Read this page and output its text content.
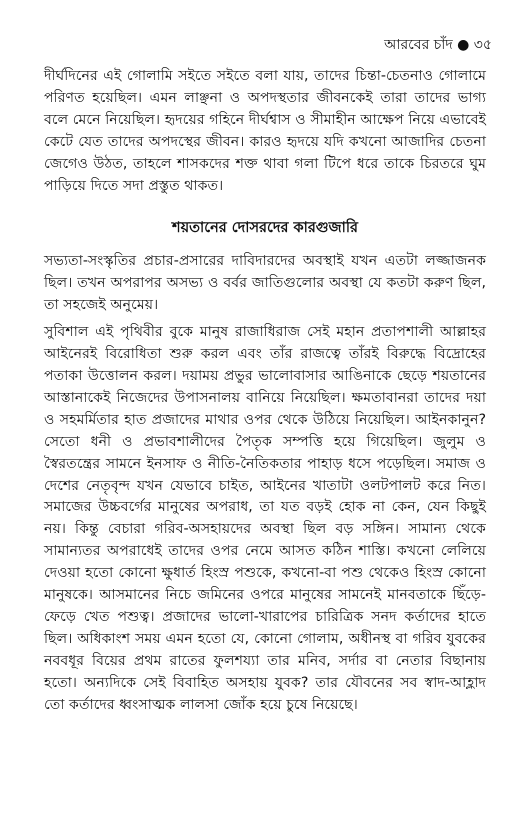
আরবের চাঁদ ● ৩৫

দীর্ঘদিনের এই গোলামি সইতে সইতে বলা যায়, তাদের চিন্তা-চেতনাও গোলামে পরিণত হয়েছিল। এমন লাঞ্ছনা ও অপদস্থতার জীবনকেই তারা তাদের ভাগ্য বলে মেনে নিয়েছিল। হৃদয়ের গহিনে দীর্ঘশ্বাস ও সীমাহীন আক্ষেপ নিয়ে এভাবেই কেটে যেত তাদের অপদস্থের জীবন। কারও হৃদয়ে যদি কখনো আজাদির চেতনা জেগেও উঠত, তাহলে শাসকদের শক্ত থাবা গলা টিপে ধরে তাকে চিরতরে ঘুম পাড়িয়ে দিতে সদা প্রস্তুত থাকত।

শয়তানের দোসরদের কারগুজারি

সভ্যতা-সংস্কৃতির প্রচার-প্রসারের দাবিদারদের অবস্থাই যখন এতটা লজ্জাজনক ছিল। তখন অপরাপর অসভ্য ও বর্বর জাতিগুলোর অবস্থা যে কতটা করুণ ছিল, তা সহজেই অনুমেয়।

সুবিশাল এই পৃথিবীর বুকে মানুষ রাজাধিরাজ সেই মহান প্রতাপশালী আল্লাহর আইনেরই বিরোধিতা শুরু করল এবং তাঁর রাজত্বে তাঁরই বিরুদ্ধে বিদ্রোহের পতাকা উত্তোলন করল। দয়াময় প্রভুর ভালোবাসার আঙিনাকে ছেড়ে শয়তানের আস্তানাকেই নিজেদের উপাসনালয় বানিয়ে নিয়েছিল। ক্ষমতাবানরা তাদের দয়া ও সহমর্মিতার হাত প্রজাদের মাথার ওপর থেকে উঠিয়ে নিয়েছিল। আইনকানুন? সেতো ধনী ও প্রভাবশালীদের পৈতৃক সম্পত্তি হয়ে গিয়েছিল। জুলুম ও স্বৈরতন্ত্রের সামনে ইনসাফ ও নীতি-নৈতিকতার পাহাড় ধসে পড়েছিল। সমাজ ও দেশের নেতৃবৃন্দ যখন যেভাবে চাইত, আইনের খাতাটা ওলটপালট করে নিত। সমাজের উচ্চবর্গের মানুষের অপরাধ, তা যত বড়ই হোক না কেন, যেন কিছুই নয়। কিন্তু বেচারা গরিব-অসহায়দের অবস্থা ছিল বড় সঙ্গিন। সামান্য থেকে সামান্যতর অপরাধেই তাদের ওপর নেমে আসত কঠিন শাস্তি। কখনো লেলিয়ে দেওয়া হতো কোনো ক্ষুধার্ত হিংস্র পশুকে, কখনো-বা পশু থেকেও হিংস্র কোনো মানুষকে। আসমানের নিচে জমিনের ওপরে মানুষের সামনেই মানবতাকে ছিঁড়ে-ফেড়ে খেত পশুত্ব। প্রজাদের ভালো-খারাপের চারিত্রিক সনদ কর্তাদের হাতে ছিল। অধিকাংশ সময় এমন হতো যে, কোনো গোলাম, অধীনস্থ বা গরিব যুবকের নববধূর বিয়ের প্রথম রাতের ফুলশয্যা তার মনিব, সর্দার বা নেতার বিছানায় হতো। অন্যদিকে সেই বিবাহিত অসহায় যুবক? তার যৌবনের সব স্বাদ-আহ্লাদ তো কর্তাদের ধ্বংসাত্মক লালসা জোঁক হয়ে চুষে নিয়েছে।
